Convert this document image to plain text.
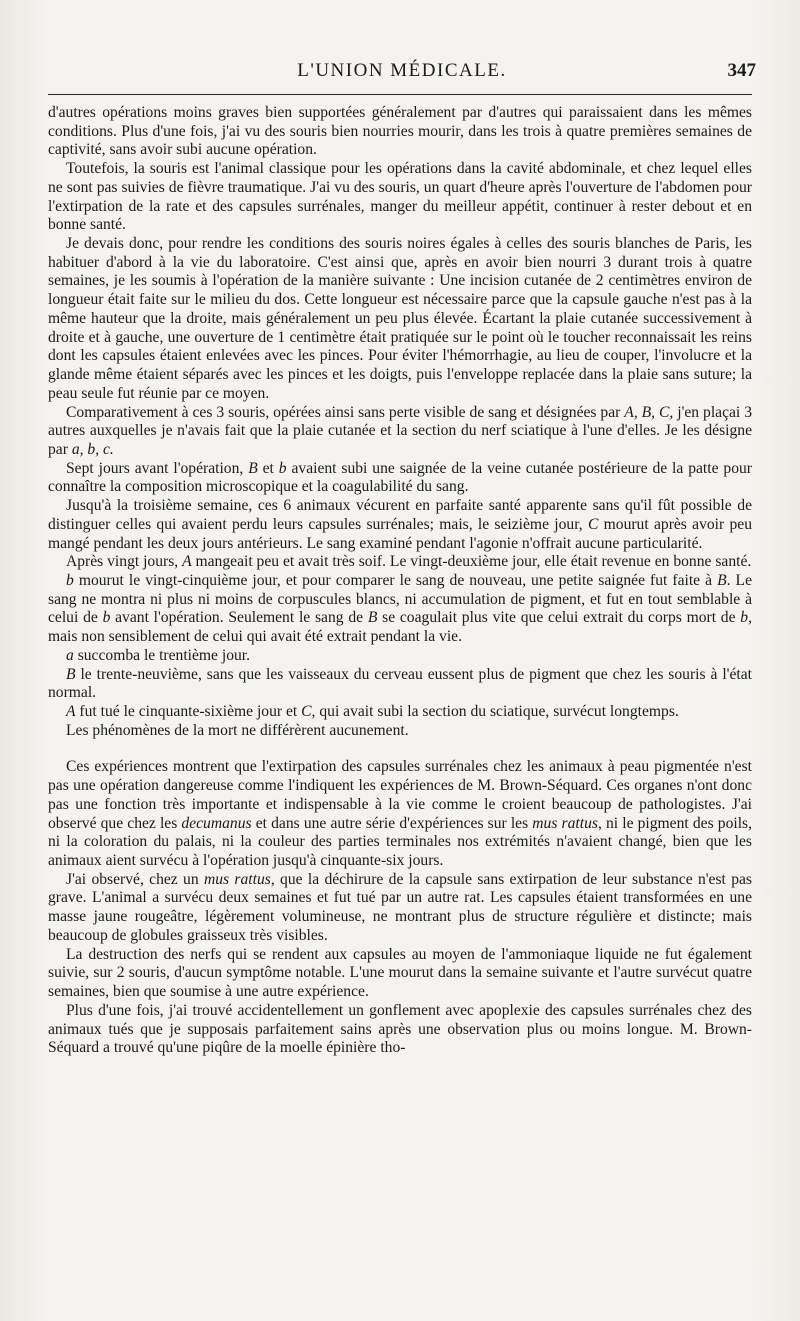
L'UNION MÉDICALE.	347

d'autres opérations moins graves bien supportées généralement par d'autres qui paraissaient dans les mêmes conditions. Plus d'une fois, j'ai vu des souris bien nourries mourir, dans les trois à quatre premières semaines de captivité, sans avoir subi aucune opération.

Toutefois, la souris est l'animal classique pour les opérations dans la cavité abdominale, et chez lequel elles ne sont pas suivies de fièvre traumatique. J'ai vu des souris, un quart d'heure après l'ouverture de l'abdomen pour l'extirpation de la rate et des capsules surrénales, manger du meilleur appétit, continuer à rester debout et en bonne santé.

Je devais donc, pour rendre les conditions des souris noires égales à celles des souris blanches de Paris, les habituer d'abord à la vie du laboratoire. C'est ainsi que, après en avoir bien nourri 3 durant trois à quatre semaines, je les soumis à l'opération de la manière suivante : Une incision cutanée de 2 centimètres environ de longueur était faite sur le milieu du dos. Cette longueur est nécessaire parce que la capsule gauche n'est pas à la même hauteur que la droite, mais généralement un peu plus élevée. Écartant la plaie cutanée successivement à droite et à gauche, une ouverture de 1 centimètre était pratiquée sur le point où le toucher reconnaissait les reins dont les capsules étaient enlevées avec les pinces. Pour éviter l'hémorrhagie, au lieu de couper, l'involucre et la glande même étaient séparés avec les pinces et les doigts, puis l'enveloppe replacée dans la plaie sans suture; la peau seule fut réunie par ce moyen.

Comparativement à ces 3 souris, opérées ainsi sans perte visible de sang et désignées par A, B, C, j'en plaçai 3 autres auxquelles je n'avais fait que la plaie cutanée et la section du nerf sciatique à l'une d'elles. Je les désigne par a, b, c.

Sept jours avant l'opération, B et b avaient subi une saignée de la veine cutanée postérieure de la patte pour connaître la composition microscopique et la coagulabilité du sang.

Jusqu'à la troisième semaine, ces 6 animaux vécurent en parfaite santé apparente sans qu'il fût possible de distinguer celles qui avaient perdu leurs capsules surrénales; mais, le seizième jour, C mourut après avoir peu mangé pendant les deux jours antérieurs. Le sang examiné pendant l'agonie n'offrait aucune particularité.

Après vingt jours, A mangeait peu et avait très soif. Le vingt-deuxième jour, elle était revenue en bonne santé.

b mourut le vingt-cinquième jour, et pour comparer le sang de nouveau, une petite saignée fut faite à B. Le sang ne montra ni plus ni moins de corpuscules blancs, ni accumulation de pigment, et fut en tout semblable à celui de b avant l'opération. Seulement le sang de B se coagulait plus vite que celui extrait du corps mort de b, mais non sensiblement de celui qui avait été extrait pendant la vie.

a succomba le trentième jour.

B le trente-neuvième, sans que les vaisseaux du cerveau eussent plus de pigment que chez les souris à l'état normal.

A fut tué le cinquante-sixième jour et C, qui avait subi la section du sciatique, survécut longtemps.

Les phénomènes de la mort ne différèrent aucunement.

Ces expériences montrent que l'extirpation des capsules surrénales chez les animaux à peau pigmentée n'est pas une opération dangereuse comme l'indiquent les expériences de M. Brown-Séquard. Ces organes n'ont donc pas une fonction très importante et indispensable à la vie comme le croient beaucoup de pathologistes. J'ai observé que chez les decumanus et dans une autre série d'expériences sur les mus rattus, ni le pigment des poils, ni la coloration du palais, ni la couleur des parties terminales nos extrémités n'avaient changé, bien que les animaux aient survécu à l'opération jusqu'à cinquante-six jours.

J'ai observé, chez un mus rattus, que la déchirure de la capsule sans extirpation de leur substance n'est pas grave. L'animal a survécu deux semaines et fut tué par un autre rat. Les capsules étaient transformées en une masse jaune rougeâtre, légèrement volumineuse, ne montrant plus de structure régulière et distincte; mais beaucoup de globules graisseux très visibles.

La destruction des nerfs qui se rendent aux capsules au moyen de l'ammoniaque liquide ne fut également suivie, sur 2 souris, d'aucun symptôme notable. L'une mourut dans la semaine suivante et l'autre survécut quatre semaines, bien que soumise à une autre expérience.

Plus d'une fois, j'ai trouvé accidentellement un gonflement avec apoplexie des capsules surrénales chez des animaux tués que je supposais parfaitement sains après une observation plus ou moins longue. M. Brown-Séquard a trouvé qu'une piqûre de la moelle épinière tho-
